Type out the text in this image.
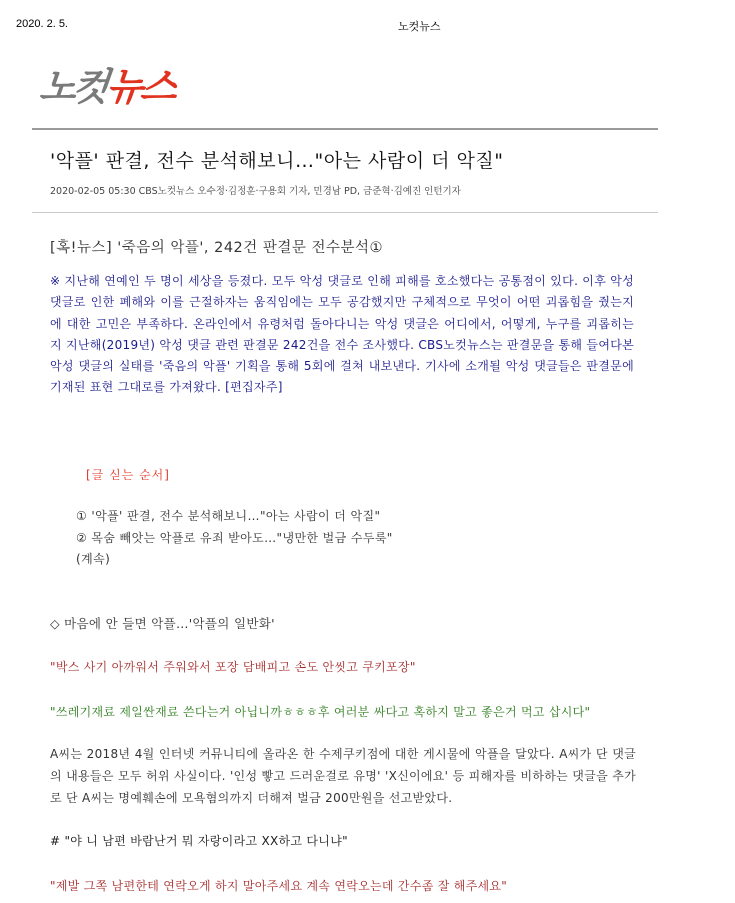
2020. 2. 5.	노컷뉴스
노컷뉴스
'악플' 판결, 전수 분석해보니…"아는 사람이 더 악질"
2020-02-05 05:30 CBS노컷뉴스 오수정·김정훈·구용회 기자, 민경남 PD, 금준혁·김예진 인턴기자
[혹!뉴스] '죽음의 악플', 242건 판결문 전수분석①
※ 지난해 연예인 두 명이 세상을 등졌다. 모두 악성 댓글로 인해 피해를 호소했다는 공통점이 있다. 이후 악성 댓글로 인한 폐해와 이를 근절하자는 움직임에는 모두 공감했지만 구체적으로 무엇이 어떤 괴롭힘을 줬는지에 대한 고민은 부족하다. 온라인에서 유령처럼 돌아다니는 악성 댓글은 어디에서, 어떻게, 누구를 괴롭히는지 지난해(2019년) 악성 댓글 관련 판결문 242건을 전수 조사했다. CBS노컷뉴스는 판결문을 통해 들여다본 악성 댓글의 실태를 '죽음의 악플' 기획을 통해 5회에 걸쳐 내보낸다. 기사에 소개될 악성 댓글들은 판결문에 기재된 표현 그대로를 가져왔다. [편집자주]
[글 싣는 순서]
① '악플' 판결, 전수 분석해보니…"아는 사람이 더 악질"
② 목숨 빼앗는 악플로 유죄 받아도…"냉만한 벌금 수두룩"
(계속)
◇ 마음에 안 들면 악플…'악플의 일반화'
"박스 사기 아까워서 주워와서 포장 담배피고 손도 안씻고 쿠키포장"
"쓰레기재료 제일싼재료 쓴다는거 아닙니까ㅎㅎㅎ후 여러분 싸다고 혹하지 말고 좋은거 먹고 삽시다"
A씨는 2018년 4월 인터넷 커뮤니티에 올라온 한 수제쿠키점에 대한 게시물에 악플을 달았다. A씨가 단 댓글의 내용들은 모두 허위 사실이다. '인성 빻고 드러운걸로 유명' 'X신이에요' 등 피해자를 비하하는 댓글을 추가로 단 A씨는 명예훼손에 모욕혐의까지 더해져 벌금 200만원을 선고받았다.
# "야 니 남편 바람난거 뭐 자랑이라고 XX하고 다니냐"
"제발 그쪽 남편한테 연락오게 하지 말아주세요 계속 연락오는데 간수좀 잘 해주세요"
